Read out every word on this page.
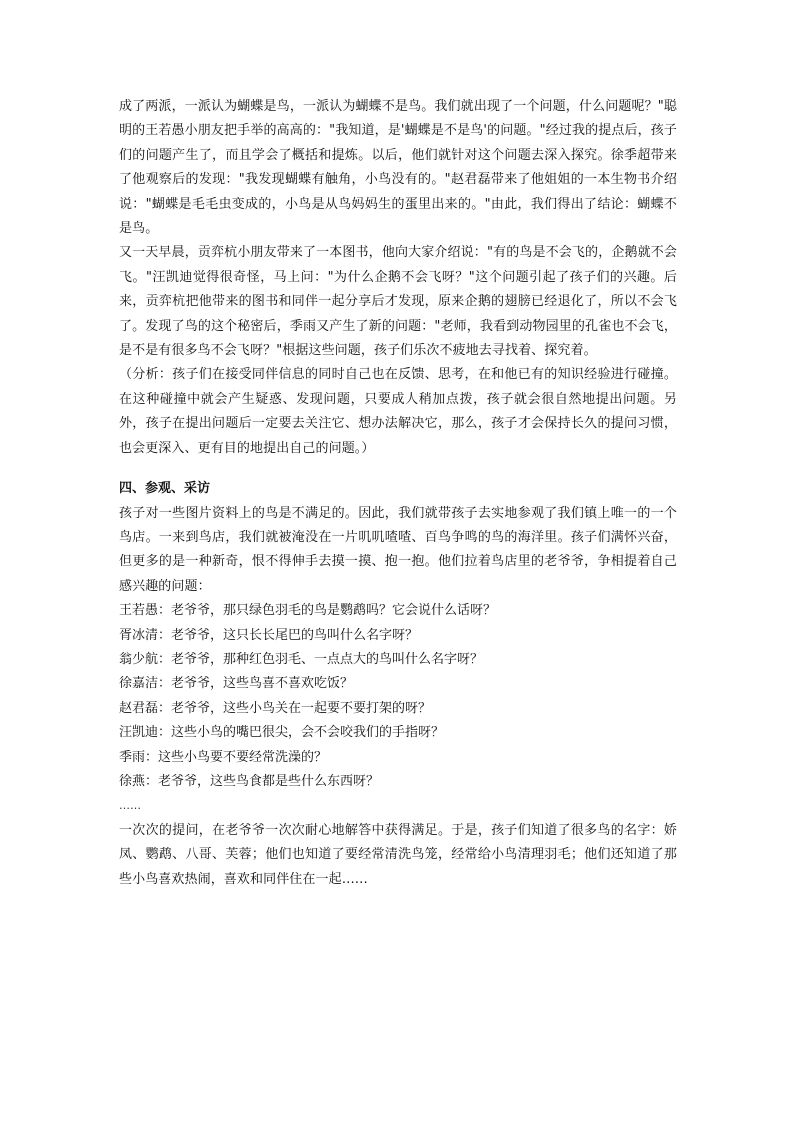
成了两派，一派认为蝴蝶是鸟，一派认为蝴蝶不是鸟。我们就出现了一个问题，什么问题呢？"聪明的王若愚小朋友把手举的高高的："我知道，是'蝴蝶是不是鸟'的问题。"经过我的提点后，孩子们的问题产生了，而且学会了概括和提炼。以后，他们就针对这个问题去深入探究。徐季超带来了他观察后的发现："我发现蝴蝶有触角，小鸟没有的。"赵君磊带来了他姐姐的一本生物书介绍说："蝴蝶是毛毛虫变成的，小鸟是从鸟妈妈生的蛋里出来的。"由此，我们得出了结论：蝴蝶不是鸟。

又一天早晨，贡弈杭小朋友带来了一本图书，他向大家介绍说："有的鸟是不会飞的，企鹅就不会飞。"汪凯迪觉得很奇怪，马上问："为什么企鹅不会飞呀？"这个问题引起了孩子们的兴趣。后来，贡弈杭把他带来的图书和同伴一起分享后才发现，原来企鹅的翅膀已经退化了，所以不会飞了。发现了鸟的这个秘密后，季雨又产生了新的问题："老师，我看到动物园里的孔雀也不会飞，是不是有很多鸟不会飞呀？"根据这些问题，孩子们乐次不疲地去寻找着、探究着。

（分析：孩子们在接受同伴信息的同时自己也在反馈、思考，在和他已有的知识经验进行碰撞。在这种碰撞中就会产生疑惑、发现问题，只要成人稍加点拨，孩子就会很自然地提出问题。另外，孩子在提出问题后一定要去关注它、想办法解决它，那么，孩子才会保持长久的提问习惯，也会更深入、更有目的地提出自己的问题。）

四、参观、采访

孩子对一些图片资料上的鸟是不满足的。因此，我们就带孩子去实地参观了我们镇上唯一的一个鸟店。一来到鸟店，我们就被淹没在一片叽叽喳喳、百鸟争鸣的鸟的海洋里。孩子们满怀兴奋，但更多的是一种新奇，恨不得伸手去摸一摸、抱一抱。他们拉着鸟店里的老爷爷，争相提着自己感兴趣的问题：

王若愚：老爷爷，那只绿色羽毛的鸟是鹦鹉吗？它会说什么话呀？

胥冰清：老爷爷，这只长长尾巴的鸟叫什么名字呀？

翁少航：老爷爷，那种红色羽毛、一点点大的鸟叫什么名字呀？

徐嘉洁：老爷爷，这些鸟喜不喜欢吃饭？

赵君磊：老爷爷，这些小鸟关在一起要不要打架的呀？

汪凯迪：这些小鸟的嘴巴很尖，会不会咬我们的手指呀？

季雨：这些小鸟要不要经常洗澡的？

徐燕：老爷爷，这些鸟食都是些什么东西呀？

……

一次次的提问，在老爷爷一次次耐心地解答中获得满足。于是，孩子们知道了很多鸟的名字：娇凤、鹦鹉、八哥、芙蓉；他们也知道了要经常清洗鸟笼，经常给小鸟清理羽毛；他们还知道了那些小鸟喜欢热闹，喜欢和同伴住在一起……
